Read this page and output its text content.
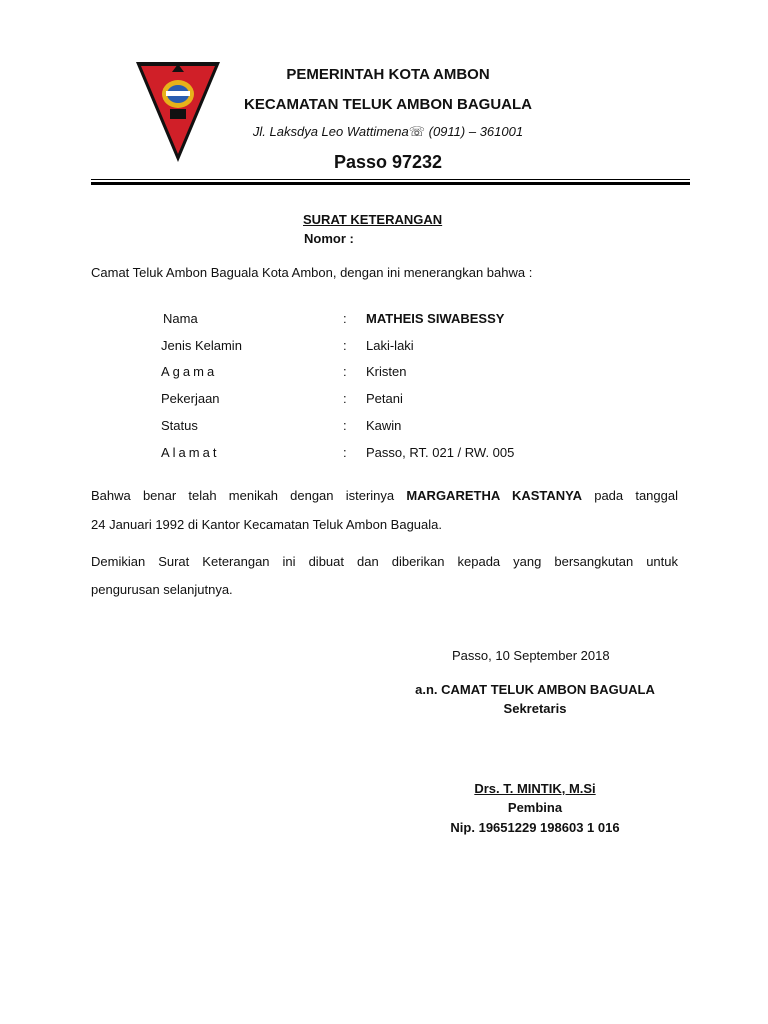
PEMERINTAH KOTA AMBON
KECAMATAN TELUK AMBON BAGUALA
Jl. Laksdya Leo Wattimena☏ (0911) – 361001
Passo 97232
SURAT KETERANGAN
Nomor :
Camat Teluk Ambon Baguala Kota Ambon, dengan ini menerangkan bahwa :
Nama	: MATHEIS SIWABESSY
Jenis Kelamin	: Laki-laki
Agama	: Kristen
Pekerjaan	: Petani
Status	: Kawin
Alamat	: Passo, RT. 021 / RW. 005
Bahwa benar telah menikah dengan isterinya MARGARETHA KASTANYA pada tanggal
24 Januari 1992 di Kantor Kecamatan Teluk Ambon Baguala.
Demikian Surat Keterangan ini dibuat dan diberikan kepada yang bersangkutan untuk
pengurusan selanjutnya.
Passo, 10 September 2018
a.n. CAMAT TELUK AMBON BAGUALA
Sekretaris
Drs. T. MINTIK, M.Si
Pembina
Nip. 19651229 198603 1 016
